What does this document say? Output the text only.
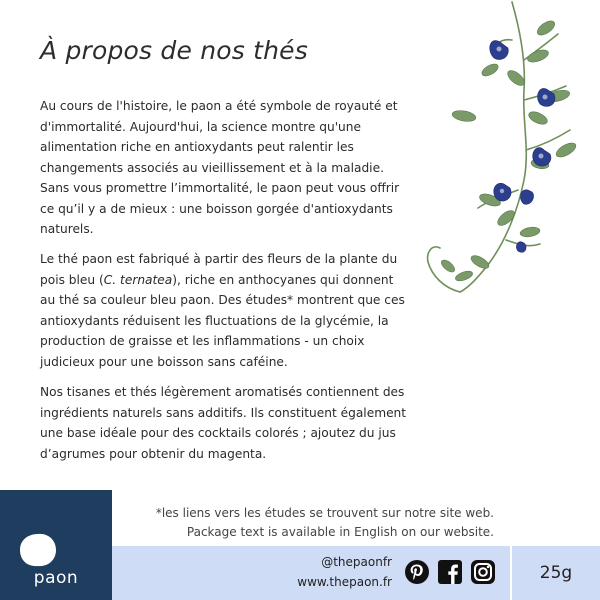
À propos de nos thés

Au cours de l'histoire, le paon a été symbole de royauté et d'immortalité. Aujourd'hui, la science montre qu'une alimentation riche en antioxydants peut ralentir les changements associés au vieillissement et à la maladie. Sans vous promettre l’immortalité, le paon peut vous offrir ce qu’il y a de mieux : une boisson gorgée d'antioxydants naturels.

Le thé paon est fabriqué à partir des fleurs de la plante du pois bleu (C. ternatea), riche en anthocyanes qui donnent au thé sa couleur bleu paon. Des études* montrent que ces antioxydants réduisent les fluctuations de la glycémie, la production de graisse et les inflammations - un choix judicieux pour une boisson sans caféine.

Nos tisanes et thés légèrement aromatisés contiennent des ingrédients naturels sans additifs. Ils constituent également une base idéale pour des cocktails colorés ; ajoutez du jus d’agrumes pour obtenir du magenta.

*les liens vers les études se trouvent sur notre site web.
Package text is available in English on our website.
paon
@thepaonfr
www.thepaon.fr	25g
